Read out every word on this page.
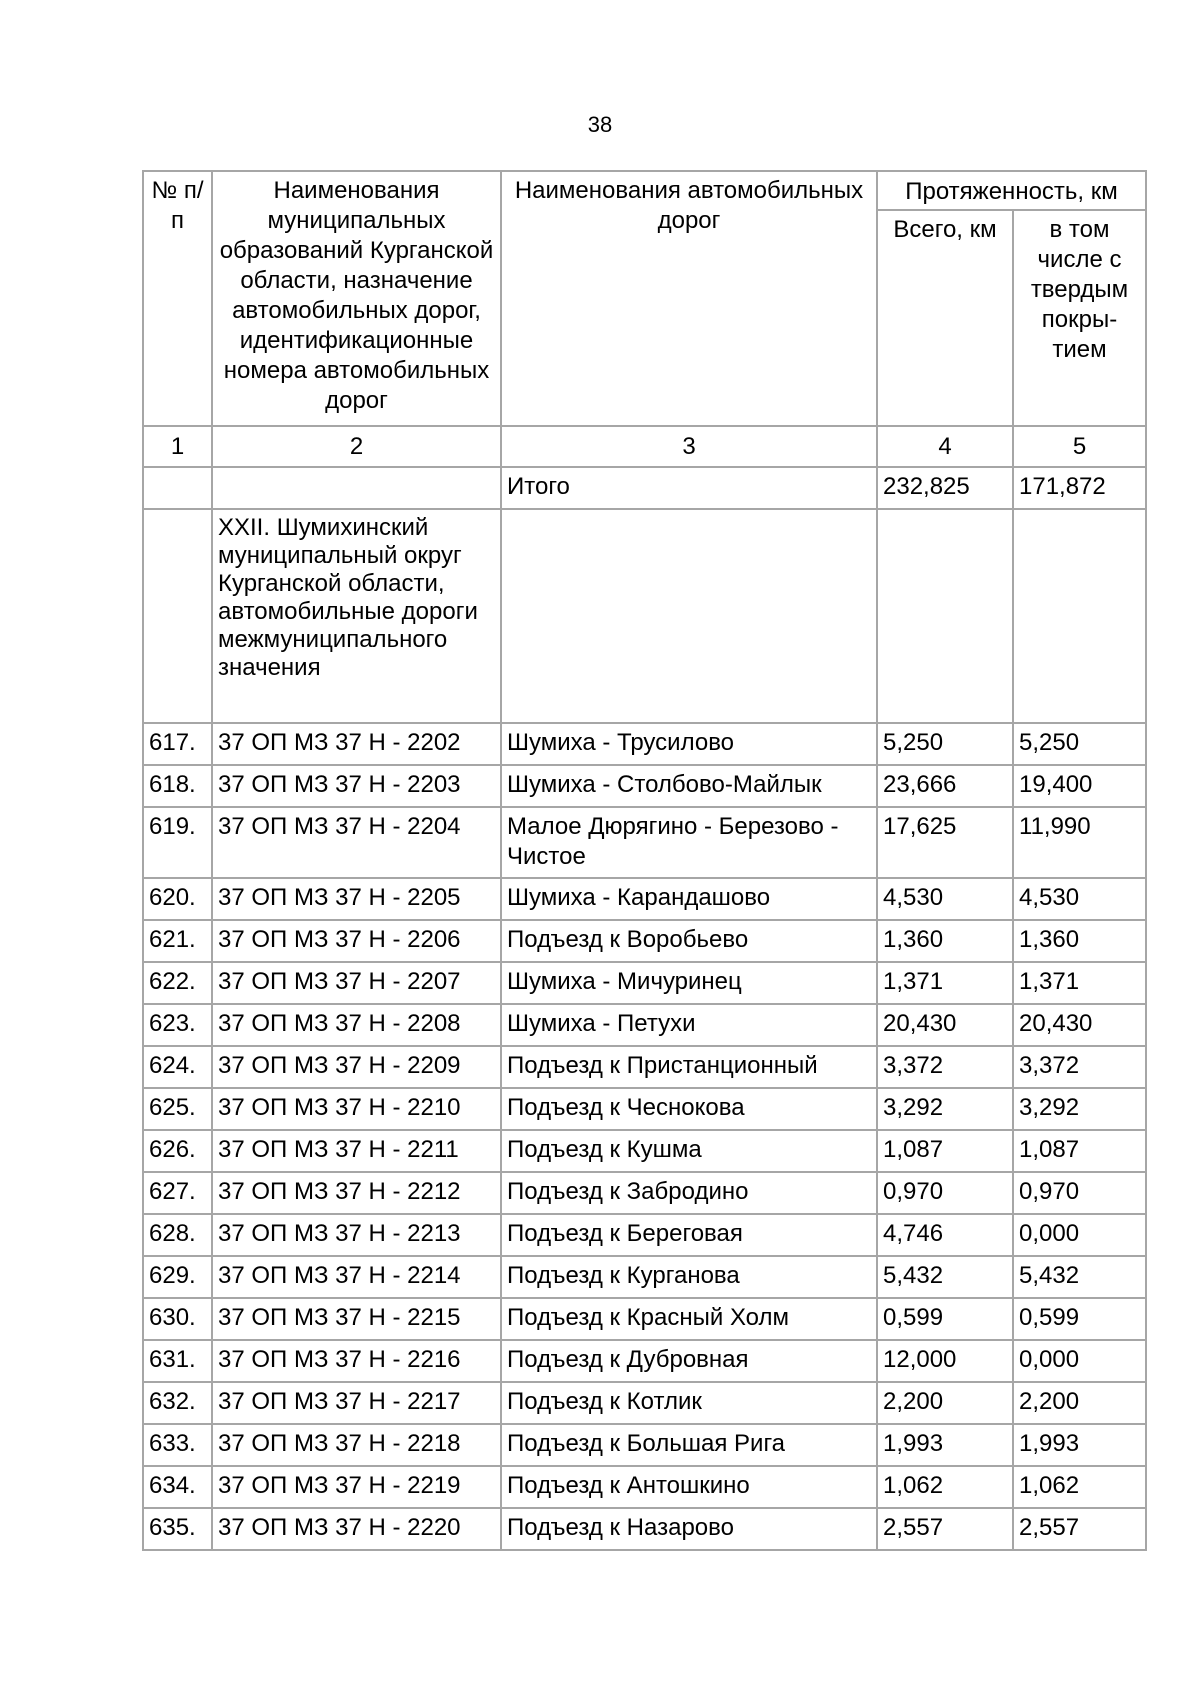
38
№ п/п	Наименования муниципальных образований Курганской области, назначение автомобильных дорог, идентификационные номера автомобильных дорог	Наименования автомобильных дорог	Протяженность, км	
			Всего, км	в том числе с твердым покры-тием
1	2	3	4	5
		Итого	232,825	171,872
	XXII. Шумихинский муниципальный округ Курганской области, автомобильные дороги межмуниципального значения			
617.	37 ОП МЗ 37 Н - 2202	Шумиха - Трусилово	5,250	5,250
618.	37 ОП МЗ 37 Н - 2203	Шумиха - Столбово-Майлык	23,666	19,400
619.	37 ОП МЗ 37 Н - 2204	Малое Дюрягино - Березово - Чистое	17,625	11,990
620.	37 ОП МЗ 37 Н - 2205	Шумиха - Карандашово	4,530	4,530
621.	37 ОП МЗ 37 Н - 2206	Подъезд к Воробьево	1,360	1,360
622.	37 ОП МЗ 37 Н - 2207	Шумиха - Мичуринец	1,371	1,371
623.	37 ОП МЗ 37 Н - 2208	Шумиха - Петухи	20,430	20,430
624.	37 ОП МЗ 37 Н - 2209	Подъезд к Пристанционный	3,372	3,372
625.	37 ОП МЗ 37 Н - 2210	Подъезд к Чеснокова	3,292	3,292
626.	37 ОП МЗ 37 Н - 2211	Подъезд к Кушма	1,087	1,087
627.	37 ОП МЗ 37 Н - 2212	Подъезд к Забродино	0,970	0,970
628.	37 ОП МЗ 37 Н - 2213	Подъезд к Береговая	4,746	0,000
629.	37 ОП МЗ 37 Н - 2214	Подъезд к Курганова	5,432	5,432
630.	37 ОП МЗ 37 Н - 2215	Подъезд к Красный Холм	0,599	0,599
631.	37 ОП МЗ 37 Н - 2216	Подъезд к Дубровная	12,000	0,000
632.	37 ОП МЗ 37 Н - 2217	Подъезд к Котлик	2,200	2,200
633.	37 ОП МЗ 37 Н - 2218	Подъезд к Большая Рига	1,993	1,993
634.	37 ОП МЗ 37 Н - 2219	Подъезд к Антошкино	1,062	1,062
635.	37 ОП МЗ 37 Н - 2220	Подъезд к Назарово	2,557	2,557
